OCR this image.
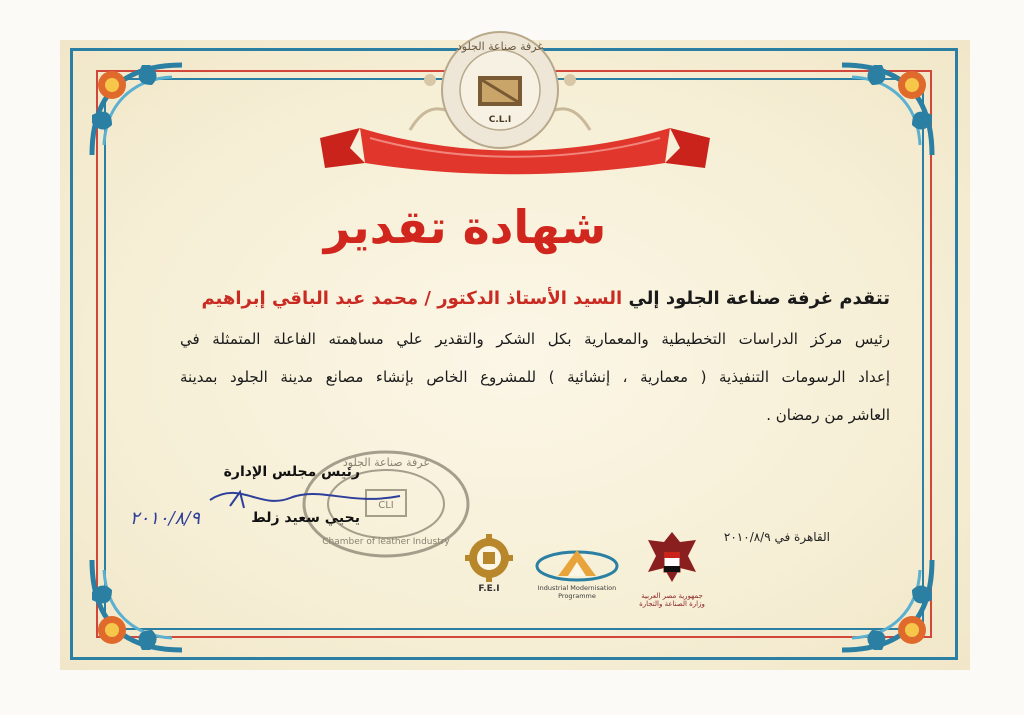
C.L.I
غرفة صناعة الجلود
شهادة تقدير
تتقدم غرفة صناعة الجلود إلي السيد الأستاذ الدكتور / محمد عبد الباقي إبراهيم
رئيس مركز الدراسات التخطيطية والمعمارية بكل الشكر والتقدير علي مساهمته الفاعلة المتمثلة في
إعداد الرسومات التنفيذية ( معمارية ، إنشائية ) للمشروع الخاص بإنشاء مصانع مدينة الجلود بمدينة
العاشر من رمضان .
CLI
غرفة صناعة الجلود
Chamber of leather Industry
رئيس مجلس الإدارة
يحيي سعيد زلط
٢٠١٠/٨/٩
القاهرة في ٢٠١٠/٨/٩
F.E.I	Industrial Modernisation Programme	جمهورية مصر العربية وزارة الصناعة والتجارة
